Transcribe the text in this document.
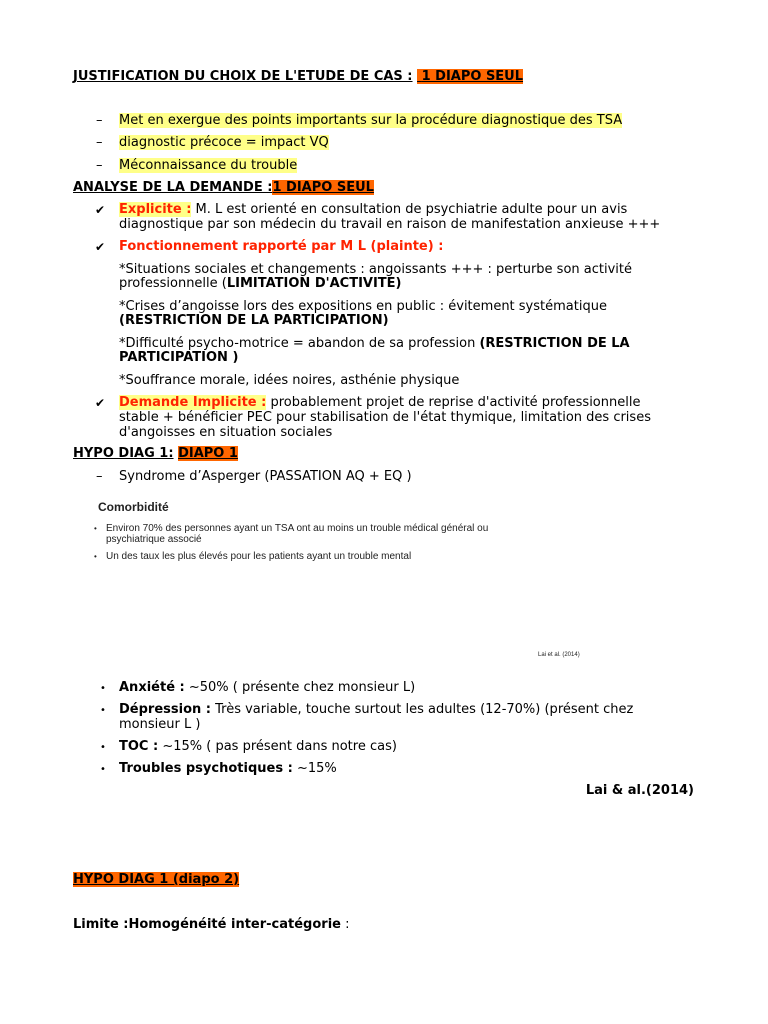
JUSTIFICATION DU CHOIX DE L'ETUDE DE CAS : 1 DIAPO SEUL
– Met en exergue des points importants sur la procédure diagnostique des TSA
– diagnostic précoce = impact VQ
– Méconnaissance du trouble
ANALYSE DE LA DEMANDE :1 DIAPO SEUL
✔ Explicite : M. L est orienté en consultation de psychiatrie adulte pour un avis
diagnostique par son médecin du travail en raison de manifestation anxieuse +++
✔ Fonctionnement rapporté par M L (plainte) :
*Situations sociales et changements : angoissants +++ : perturbe son activité
professionnelle (LIMITATION D'ACTIVITE)
*Crises d’angoisse lors des expositions en public : évitement systématique
(RESTRICTION DE LA PARTICIPATION)
*Difficulté psycho-motrice = abandon de sa profession (RESTRICTION DE LA
PARTICIPATION )
*Souffrance morale, idées noires, asthénie physique
✔ Demande Implicite : probablement projet de reprise d'activité professionnelle
stable + bénéficier PEC pour stabilisation de l'état thymique, limitation des crises
d'angoisses en situation sociales
HYPO DIAG 1: DIAPO 1
– Syndrome d’Asperger (PASSATION AQ + EQ )
Comorbidité
• Environ 70% des personnes ayant un TSA ont au moins un trouble médical général ou
psychiatrique associé
• Un des taux les plus élevés pour les patients ayant un trouble mental
Lai et al. (2014)
• Anxiété : ~50% ( présente chez monsieur L)
• Dépression : Très variable, touche surtout les adultes (12-70%) (présent chez
monsieur L )
• TOC : ~15% ( pas présent dans notre cas)
• Troubles psychotiques : ~15%
Lai & al.(2014)
HYPO DIAG 1 (diapo 2)
Limite :Homogénéité inter-catégorie :
